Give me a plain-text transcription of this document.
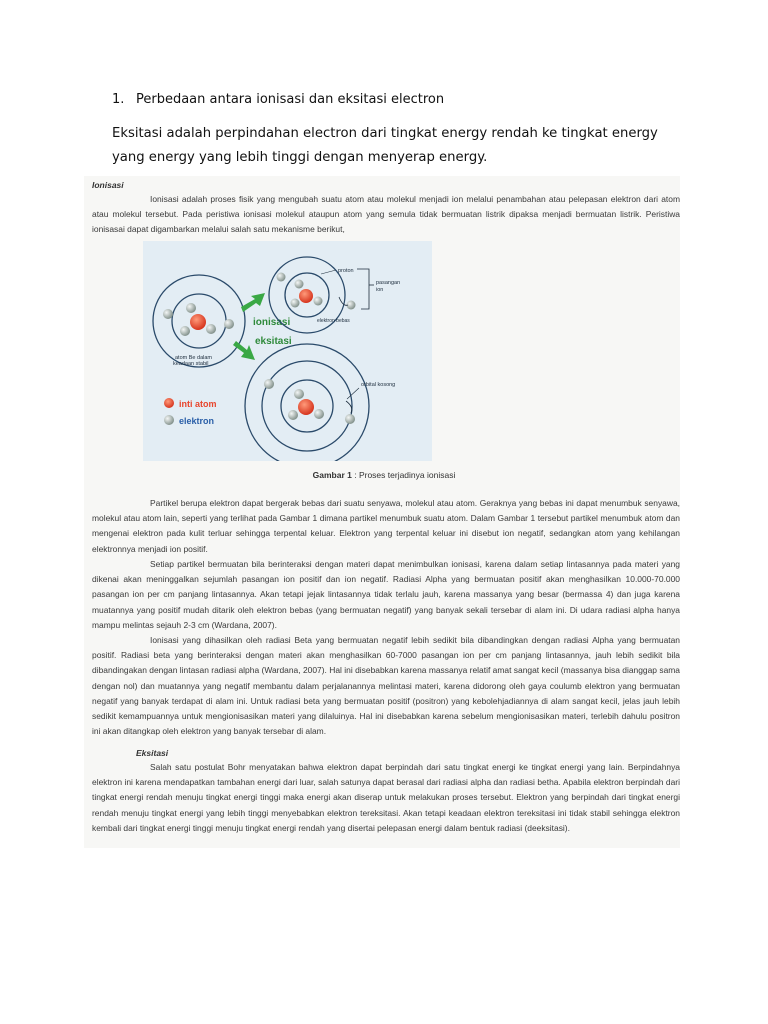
1. Perbedaan antara ionisasi dan eksitasi electron
Eksitasi adalah perpindahan electron dari tingkat energy rendah ke tingkat energy yang energy yang lebih tinggi dengan menyerap energy.
Ionisasi

Ionisasi adalah proses fisik yang mengubah suatu atom atau molekul menjadi ion melalui penambahan atau pelepasan elektron dari atom atau molekul tersebut. Pada peristiwa ionisasi molekul ataupun atom yang semula tidak bermuatan listrik dipaksa menjadi bermuatan listrik. Peristiwa ionisasai dapat digambarkan melalui salah satu mekanisme berikut,

atom Be dalam
keadaan stabil
ionisasi
eksitasi
proton
pasangan
ion
elektron bebas
orbital kosong
inti atom
elektron
Gambar 1 : Proses terjadinya ionisasi

Partikel berupa elektron dapat bergerak bebas dari suatu senyawa, molekul atau atom. Geraknya yang bebas ini dapat menumbuk senyawa, molekul atau atom lain, seperti yang terlihat pada Gambar 1 dimana partikel menumbuk suatu atom. Dalam Gambar 1 tersebut partikel menumbuk atom dan mengenai elektron pada kulit terluar sehingga terpental keluar. Elektron yang terpental keluar ini disebut ion negatif, sedangkan atom yang kehilangan elektronnya menjadi ion positif.

Setiap partikel bermuatan bila berinteraksi dengan materi dapat menimbulkan ionisasi, karena dalam setiap lintasannya pada materi yang dikenai akan meninggalkan sejumlah pasangan ion positif dan ion negatif. Radiasi Alpha yang bermuatan positif akan menghasilkan 10.000-70.000 pasangan ion per cm panjang lintasannya. Akan tetapi jejak lintasannya tidak terlalu jauh, karena massanya yang besar (bermassa 4) dan juga karena muatannya yang positif mudah ditarik oleh elektron bebas (yang bermuatan negatif) yang banyak sekali tersebar di alam ini. Di udara radiasi alpha hanya mampu melintas sejauh 2-3 cm (Wardana, 2007).

Ionisasi yang dihasilkan oleh radiasi Beta yang bermuatan negatif lebih sedikit bila dibandingkan dengan radiasi Alpha yang bermuatan positif. Radiasi beta yang berinteraksi dengan materi akan menghasilkan 60-7000 pasangan ion per cm panjang lintasannya, jauh lebih sedikit bila dibandingakan dengan lintasan radiasi alpha (Wardana, 2007). Hal ini disebabkan karena massanya relatif amat sangat kecil (massanya bisa dianggap sama dengan nol) dan muatannya yang negatif membantu dalam perjalanannya melintasi materi, karena didorong oleh gaya coulumb elektron yang bermuatan negatif yang banyak terdapat di alam ini. Untuk radiasi beta yang bermuatan positif (positron) yang kebolehjadiannya di alam sangat kecil, jelas jauh lebih sedikit kemampuannya untuk mengionisasikan materi yang dilaluinya. Hal ini disebabkan karena sebelum mengionisasikan materi, terlebih dahulu positron ini akan ditangkap oleh elektron yang banyak tersebar di alam.

Eksitasi

Salah satu postulat Bohr menyatakan bahwa elektron dapat berpindah dari satu tingkat energi ke tingkat energi yang lain. Berpindahnya elektron ini karena mendapatkan tambahan energi dari luar, salah satunya dapat berasal dari radiasi alpha dan radiasi betha. Apabila elektron berpindah dari tingkat energi rendah menuju tingkat energi tinggi maka energi akan diserap untuk melakukan proses tersebut. Elektron yang berpindah dari tingkat energi rendah menuju tingkat energi yang lebih tinggi menyebabkan elektron tereksitasi. Akan tetapi keadaan elektron tereksitasi ini tidak stabil sehingga elektron kembali dari tingkat energi tinggi menuju tingkat energi rendah yang disertai pelepasan energi dalam bentuk radiasi (deeksitasi).
